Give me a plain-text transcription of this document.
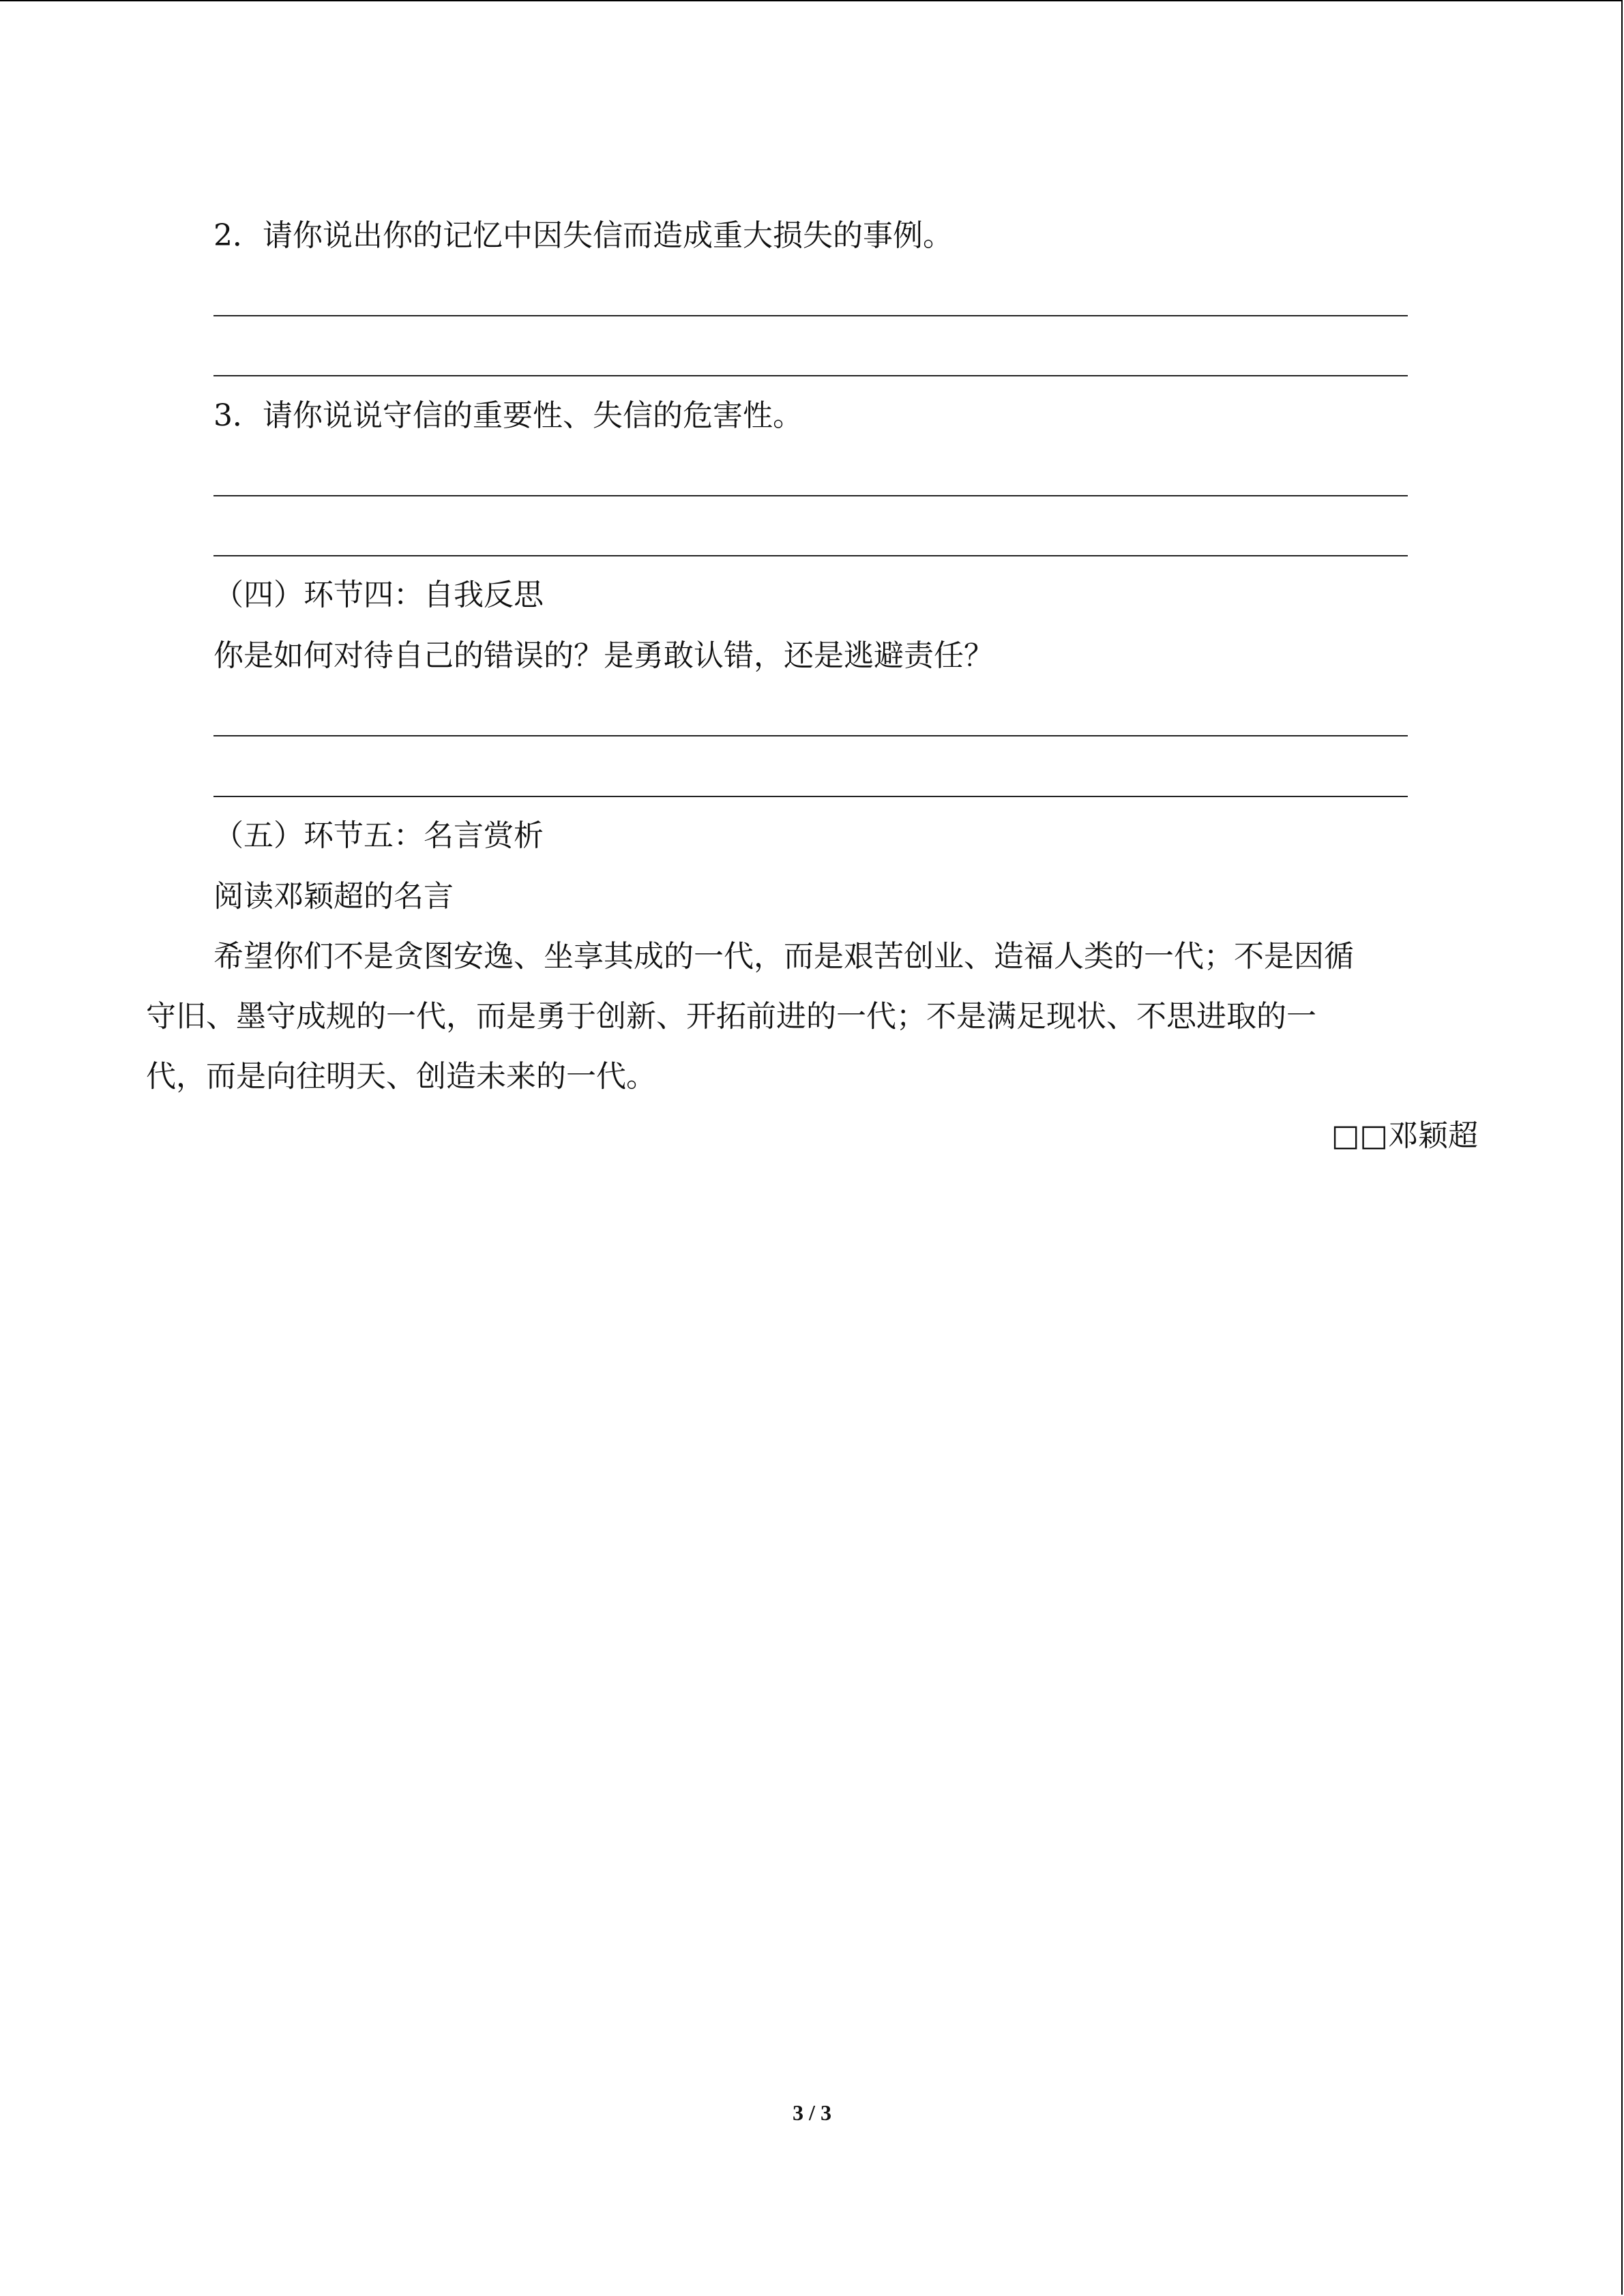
2．请你说出你的记忆中因失信而造成重大损失的事例。
3．请你说说守信的重要性、失信的危害性。
（四）环节四：自我反思
你是如何对待自己的错误的？是勇敢认错，还是逃避责任？
（五）环节五：名言赏析
阅读邓颖超的名言
希望你们不是贪图安逸、坐享其成的一代，而是艰苦创业、造福人类的一代；不是因循
守旧、墨守成规的一代，而是勇于创新、开拓前进的一代；不是满足现状、不思进取的一
代，而是向往明天、创造未来的一代。
□□邓颖超
3 / 3
